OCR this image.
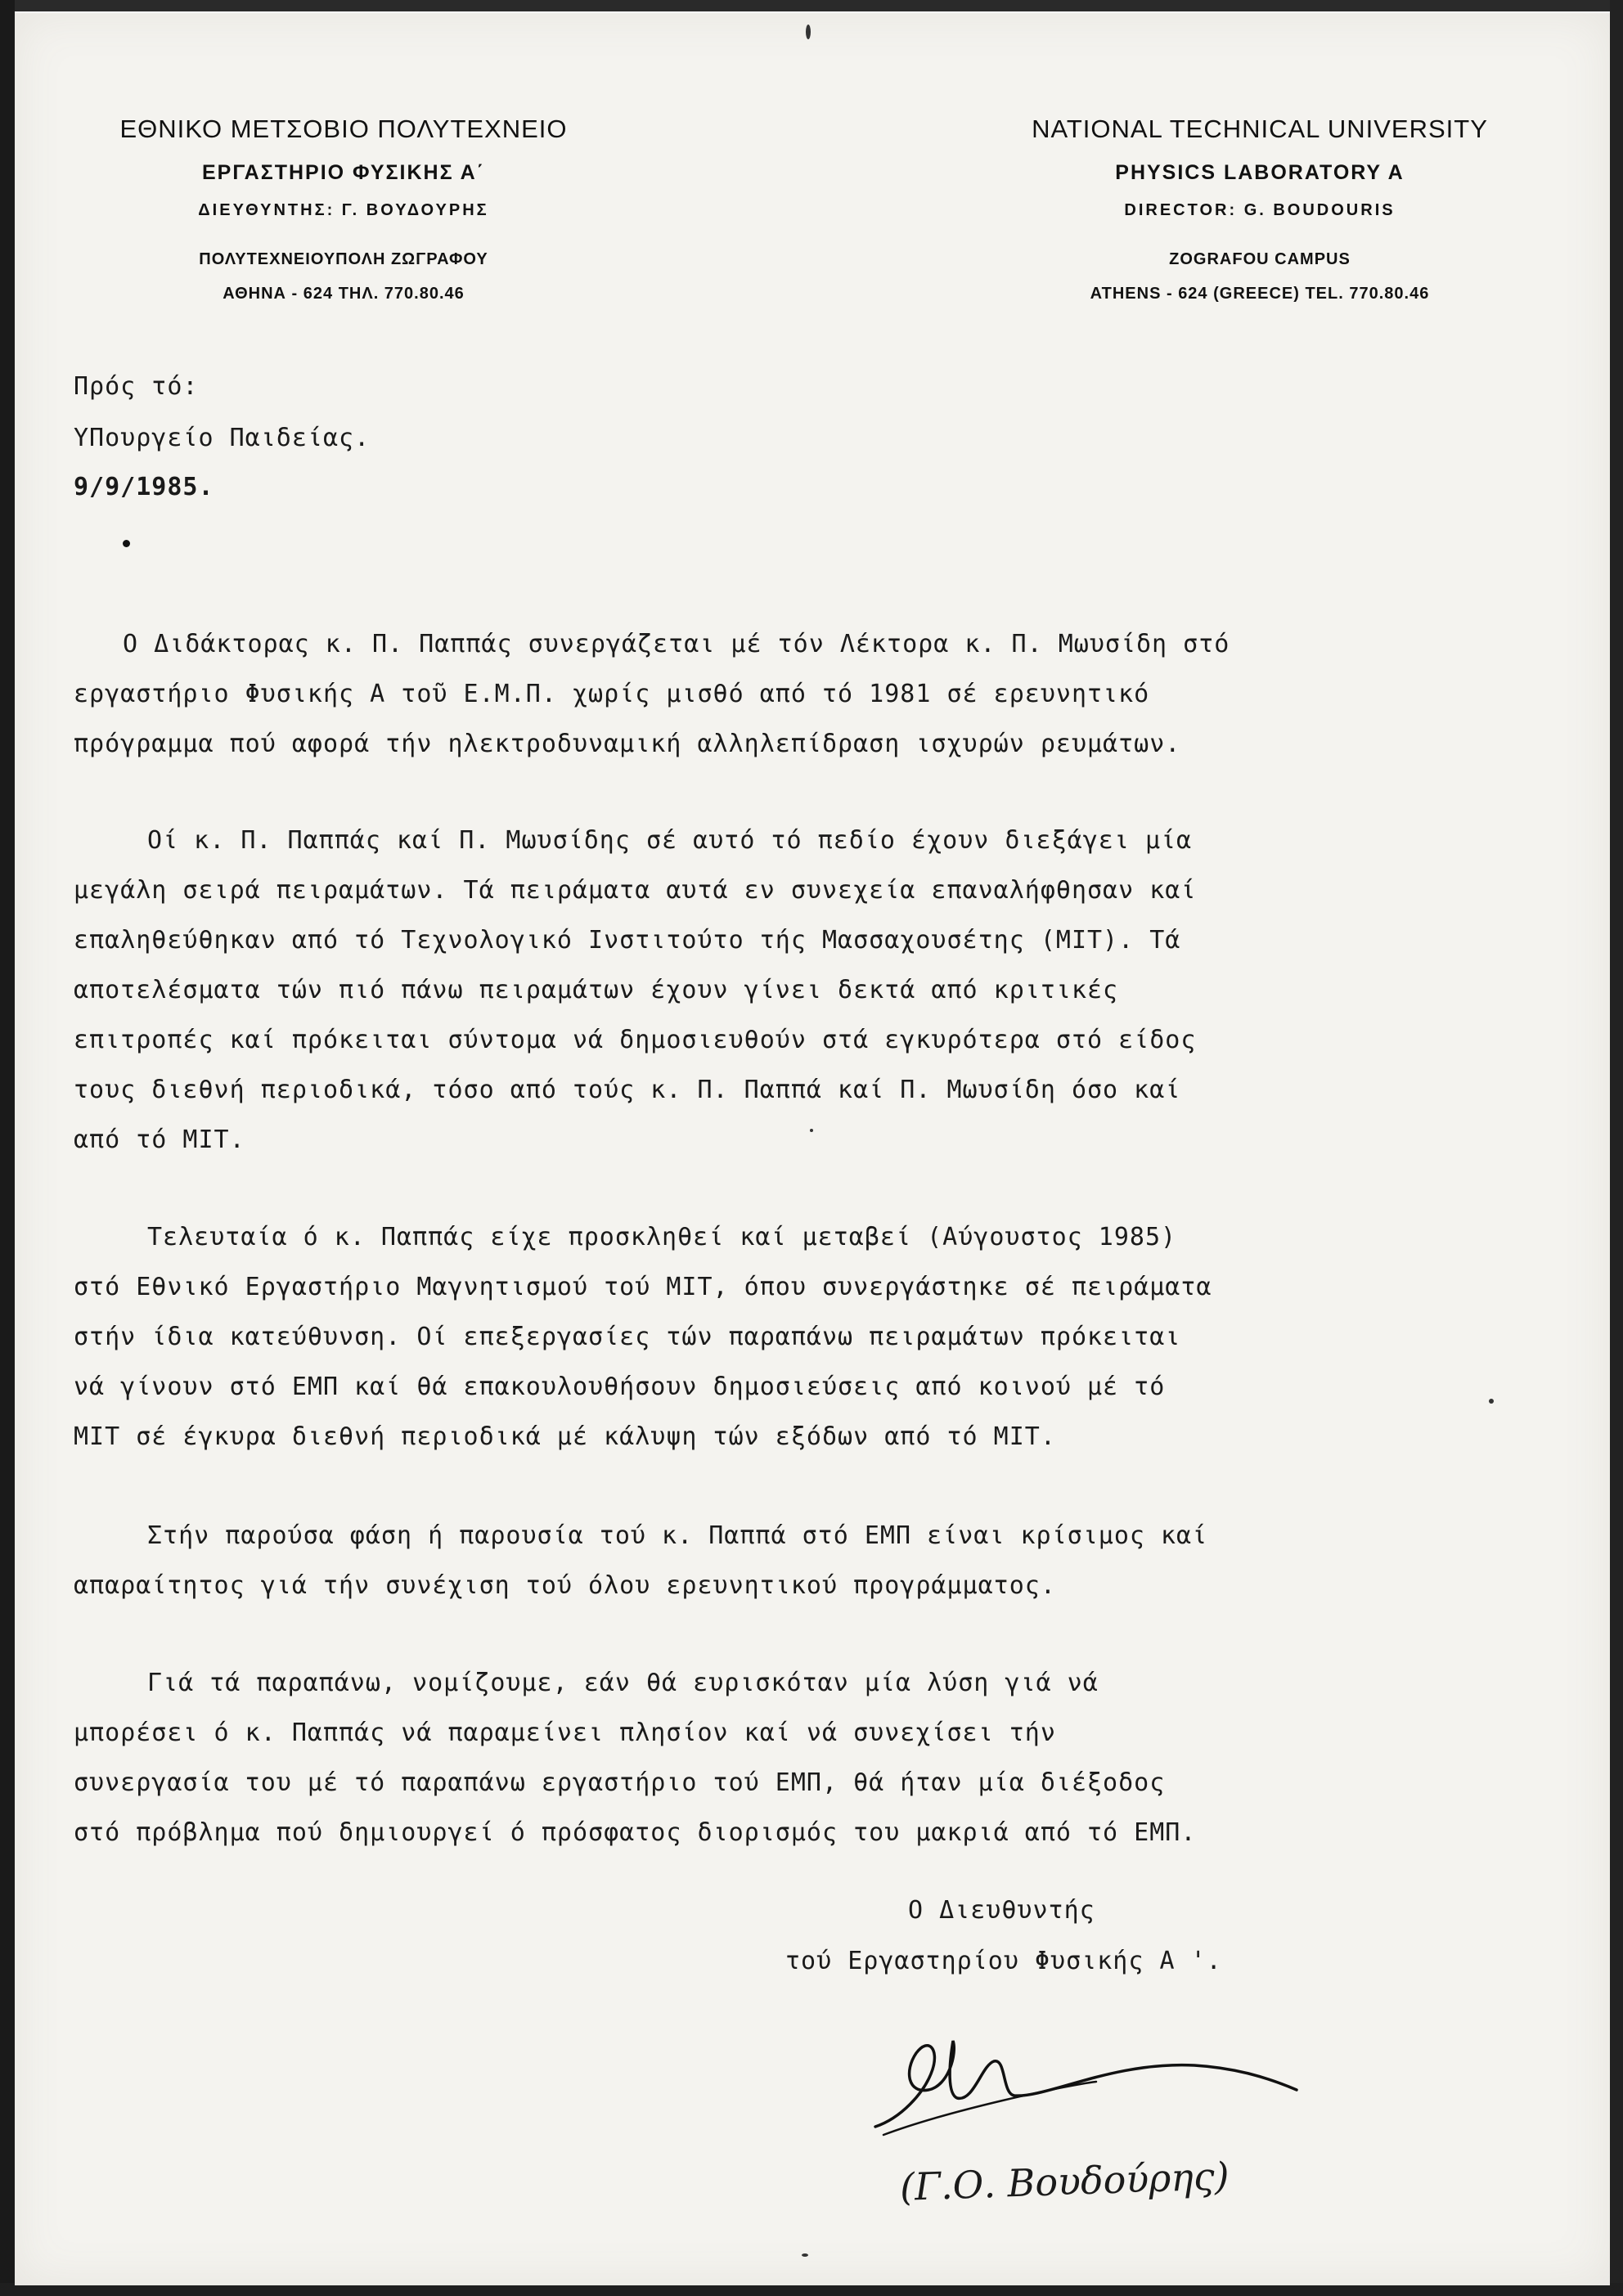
ΕΘΝΙΚΟ ΜΕΤΣΟΒΙΟ ΠΟΛΥΤΕΧΝΕΙΟ
ΕΡΓΑΣΤΗΡΙΟ ΦΥΣΙΚΗΣ Α΄
ΔΙΕΥΘΥΝΤΗΣ: Γ. ΒΟΥΔΟΥΡΗΣ
ΠΟΛΥΤΕΧΝΕΙΟΥΠΟΛΗ ΖΩΓΡΑΦΟΥ
ΑΘΗΝΑ - 624 ΤΗΛ. 770.80.46
NATIONAL TECHNICAL UNIVERSITY
PHYSICS LABORATORY A
DIRECTOR: G. BOUDOURIS
ZOGRAFOU CAMPUS
ATHENS - 624 (GREECE) TEL. 770.80.46
Πρός τό:
ΥΠουργείο Παιδείας.
9/9/1985.
Ο Διδάκτορας κ. Π. Παππάς συνεργάζεται μέ τόν Λέκτορα κ. Π. Μωυσίδη στό
εργαστήριο Φυσικής Α τοῦ Ε.Μ.Π. χωρίς μισθό από τό 1981 σέ ερευνητικό
πρόγραμμα πού αφορά τήν ηλεκτροδυναμική αλληλεπίδραση ισχυρών ρευμάτων.
Οί κ. Π. Παππάς καί Π. Μωυσίδης σέ αυτό τό πεδίο έχουν διεξάγει μία
μεγάλη σειρά πειραμάτων. Τά πειράματα αυτά εν συνεχεία επαναλήφθησαν καί
επαληθεύθηκαν από τό Τεχνολογικό Ινστιτούτο τής Μασσαχουσέτης (ΜΙΤ). Τά
αποτελέσματα τών πιό πάνω πειραμάτων έχουν γίνει δεκτά από κριτικές
επιτροπές καί πρόκειται σύντομα νά δημοσιευθούν στά εγκυρότερα στό είδος
τους διεθνή περιοδικά, τόσο από τούς κ. Π. Παππά καί Π. Μωυσίδη όσο καί
από τό ΜΙΤ.
Τελευταία ό κ. Παππάς είχε προσκληθεί καί μεταβεί (Αύγουστος 1985)
στό Εθνικό Εργαστήριο Μαγνητισμού τού ΜΙΤ, όπου συνεργάστηκε σέ πειράματα
στήν ίδια κατεύθυνση. Οί επεξεργασίες τών παραπάνω πειραμάτων πρόκειται
νά γίνουν στό ΕΜΠ καί θά επακουλουθήσουν δημοσιεύσεις από κοινού μέ τό
ΜΙΤ σέ έγκυρα διεθνή περιοδικά μέ κάλυψη τών εξόδων από τό ΜΙΤ.
Στήν παρούσα φάση ή παρουσία τού κ. Παππά στό ΕΜΠ είναι κρίσιμος καί
απαραίτητος γιά τήν συνέχιση τού όλου ερευνητικού προγράμματος.
Γιά τά παραπάνω, νομίζουμε, εάν θά ευρισκόταν μία λύση γιά νά
μπορέσει ό κ. Παππάς νά παραμείνει πλησίον καί νά συνεχίσει τήν
συνεργασία του μέ τό παραπάνω εργαστήριο τού ΕΜΠ, θά ήταν μία διέξοδος
στό πρόβλημα πού δημιουργεί ό πρόσφατος διορισμός του μακριά από τό ΕΜΠ.
Ο Διευθυντής
τού Εργαστηρίου Φυσικής Α '.
(Γ.Ο. Βουδούρης)
